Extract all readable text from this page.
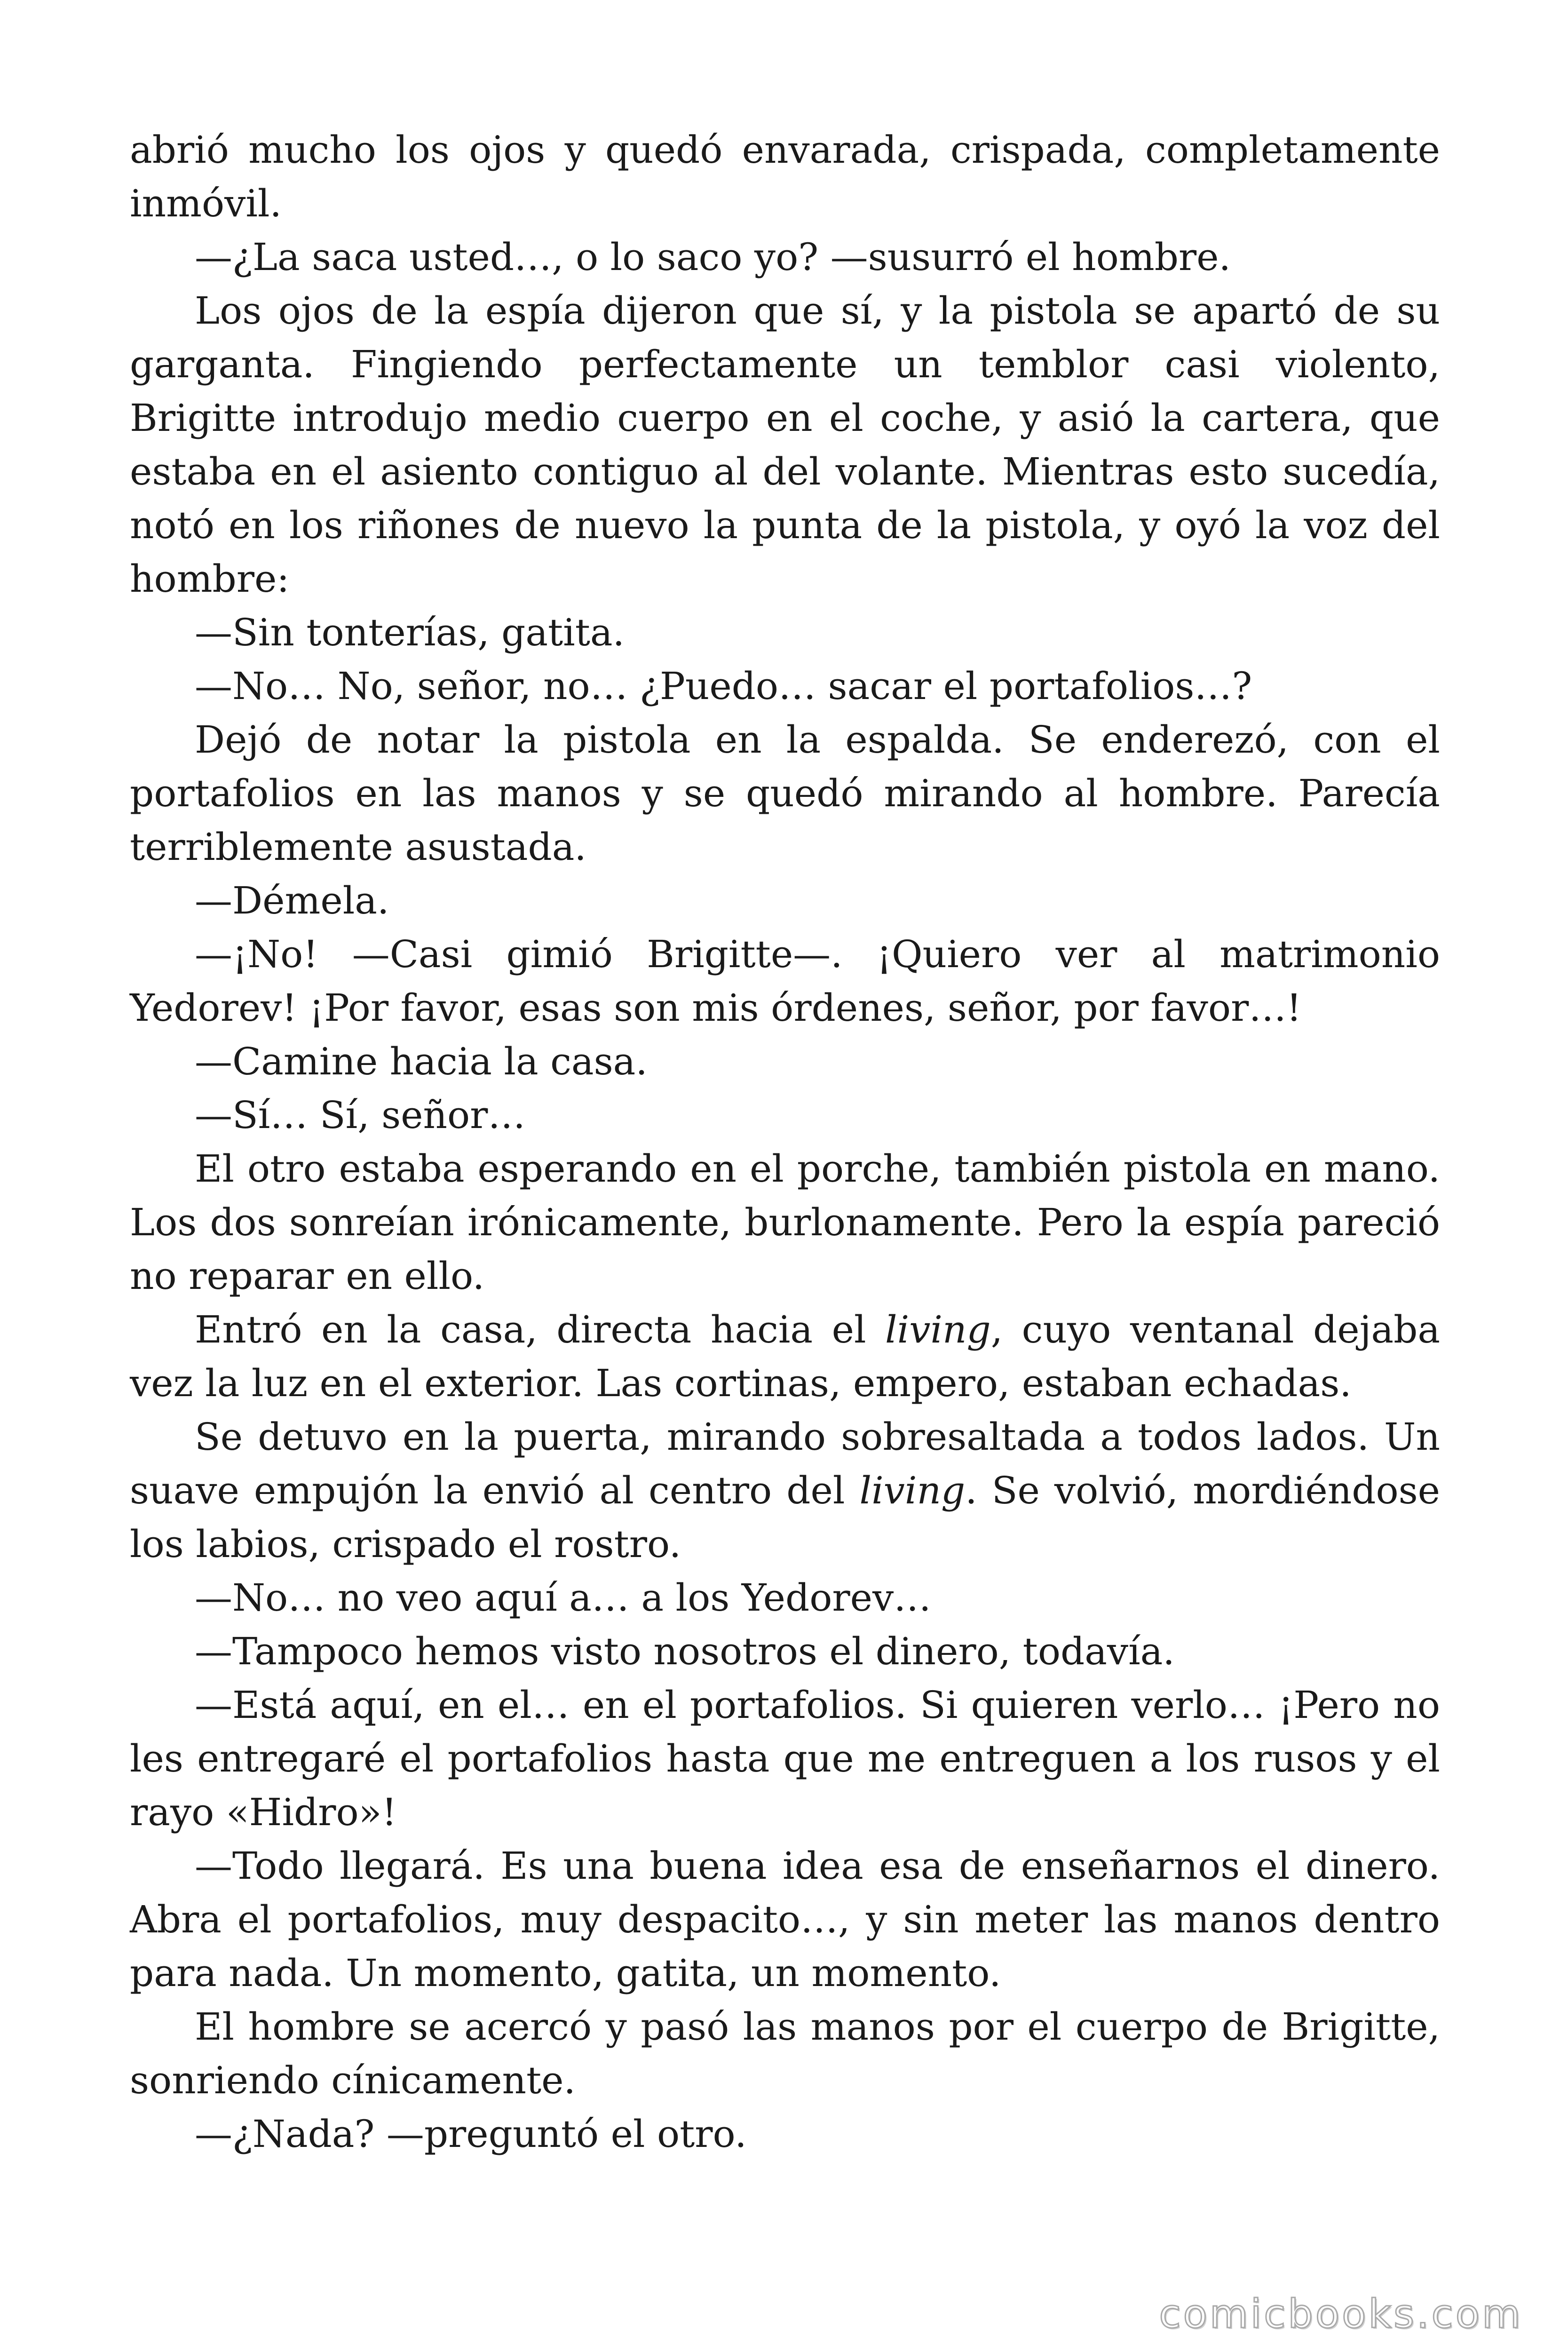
abrió mucho los ojos y quedó envarada, crispada, completamente inmóvil.

—¿La saca usted…, o lo saco yo? —susurró el hombre.

Los ojos de la espía dijeron que sí, y la pistola se apartó de su garganta. Fingiendo perfectamente un temblor casi violento, Brigitte introdujo medio cuerpo en el coche, y asió la cartera, que estaba en el asiento contiguo al del volante. Mientras esto sucedía, notó en los riñones de nuevo la punta de la pistola, y oyó la voz del hombre:

—Sin tonterías, gatita.

—No… No, señor, no… ¿Puedo… sacar el portafolios…?

Dejó de notar la pistola en la espalda. Se enderezó, con el portafolios en las manos y se quedó mirando al hombre. Parecía terriblemente asustada.

—Démela.

—¡No! —Casi gimió Brigitte—. ¡Quiero ver al matrimonio Yedorev! ¡Por favor, esas son mis órdenes, señor, por favor…!

—Camine hacia la casa.

—Sí… Sí, señor…

El otro estaba esperando en el porche, también pistola en mano. Los dos sonreían irónicamente, burlonamente. Pero la espía pareció no reparar en ello.

Entró en la casa, directa hacia el living, cuyo ventanal dejaba vez la luz en el exterior. Las cortinas, empero, estaban echadas.

Se detuvo en la puerta, mirando sobresaltada a todos lados. Un suave empujón la envió al centro del living. Se volvió, mordiéndose los labios, crispado el rostro.

—No… no veo aquí a… a los Yedorev…

—Tampoco hemos visto nosotros el dinero, todavía.

—Está aquí, en el… en el portafolios. Si quieren verlo… ¡Pero no les entregaré el portafolios hasta que me entreguen a los rusos y el rayo «Hidro»!

—Todo llegará. Es una buena idea esa de enseñarnos el dinero. Abra el portafolios, muy despacito…, y sin meter las manos dentro para nada. Un momento, gatita, un momento.

El hombre se acercó y pasó las manos por el cuerpo de Brigitte, sonriendo cínicamente.

—¿Nada? —preguntó el otro.

comicbooks.com
